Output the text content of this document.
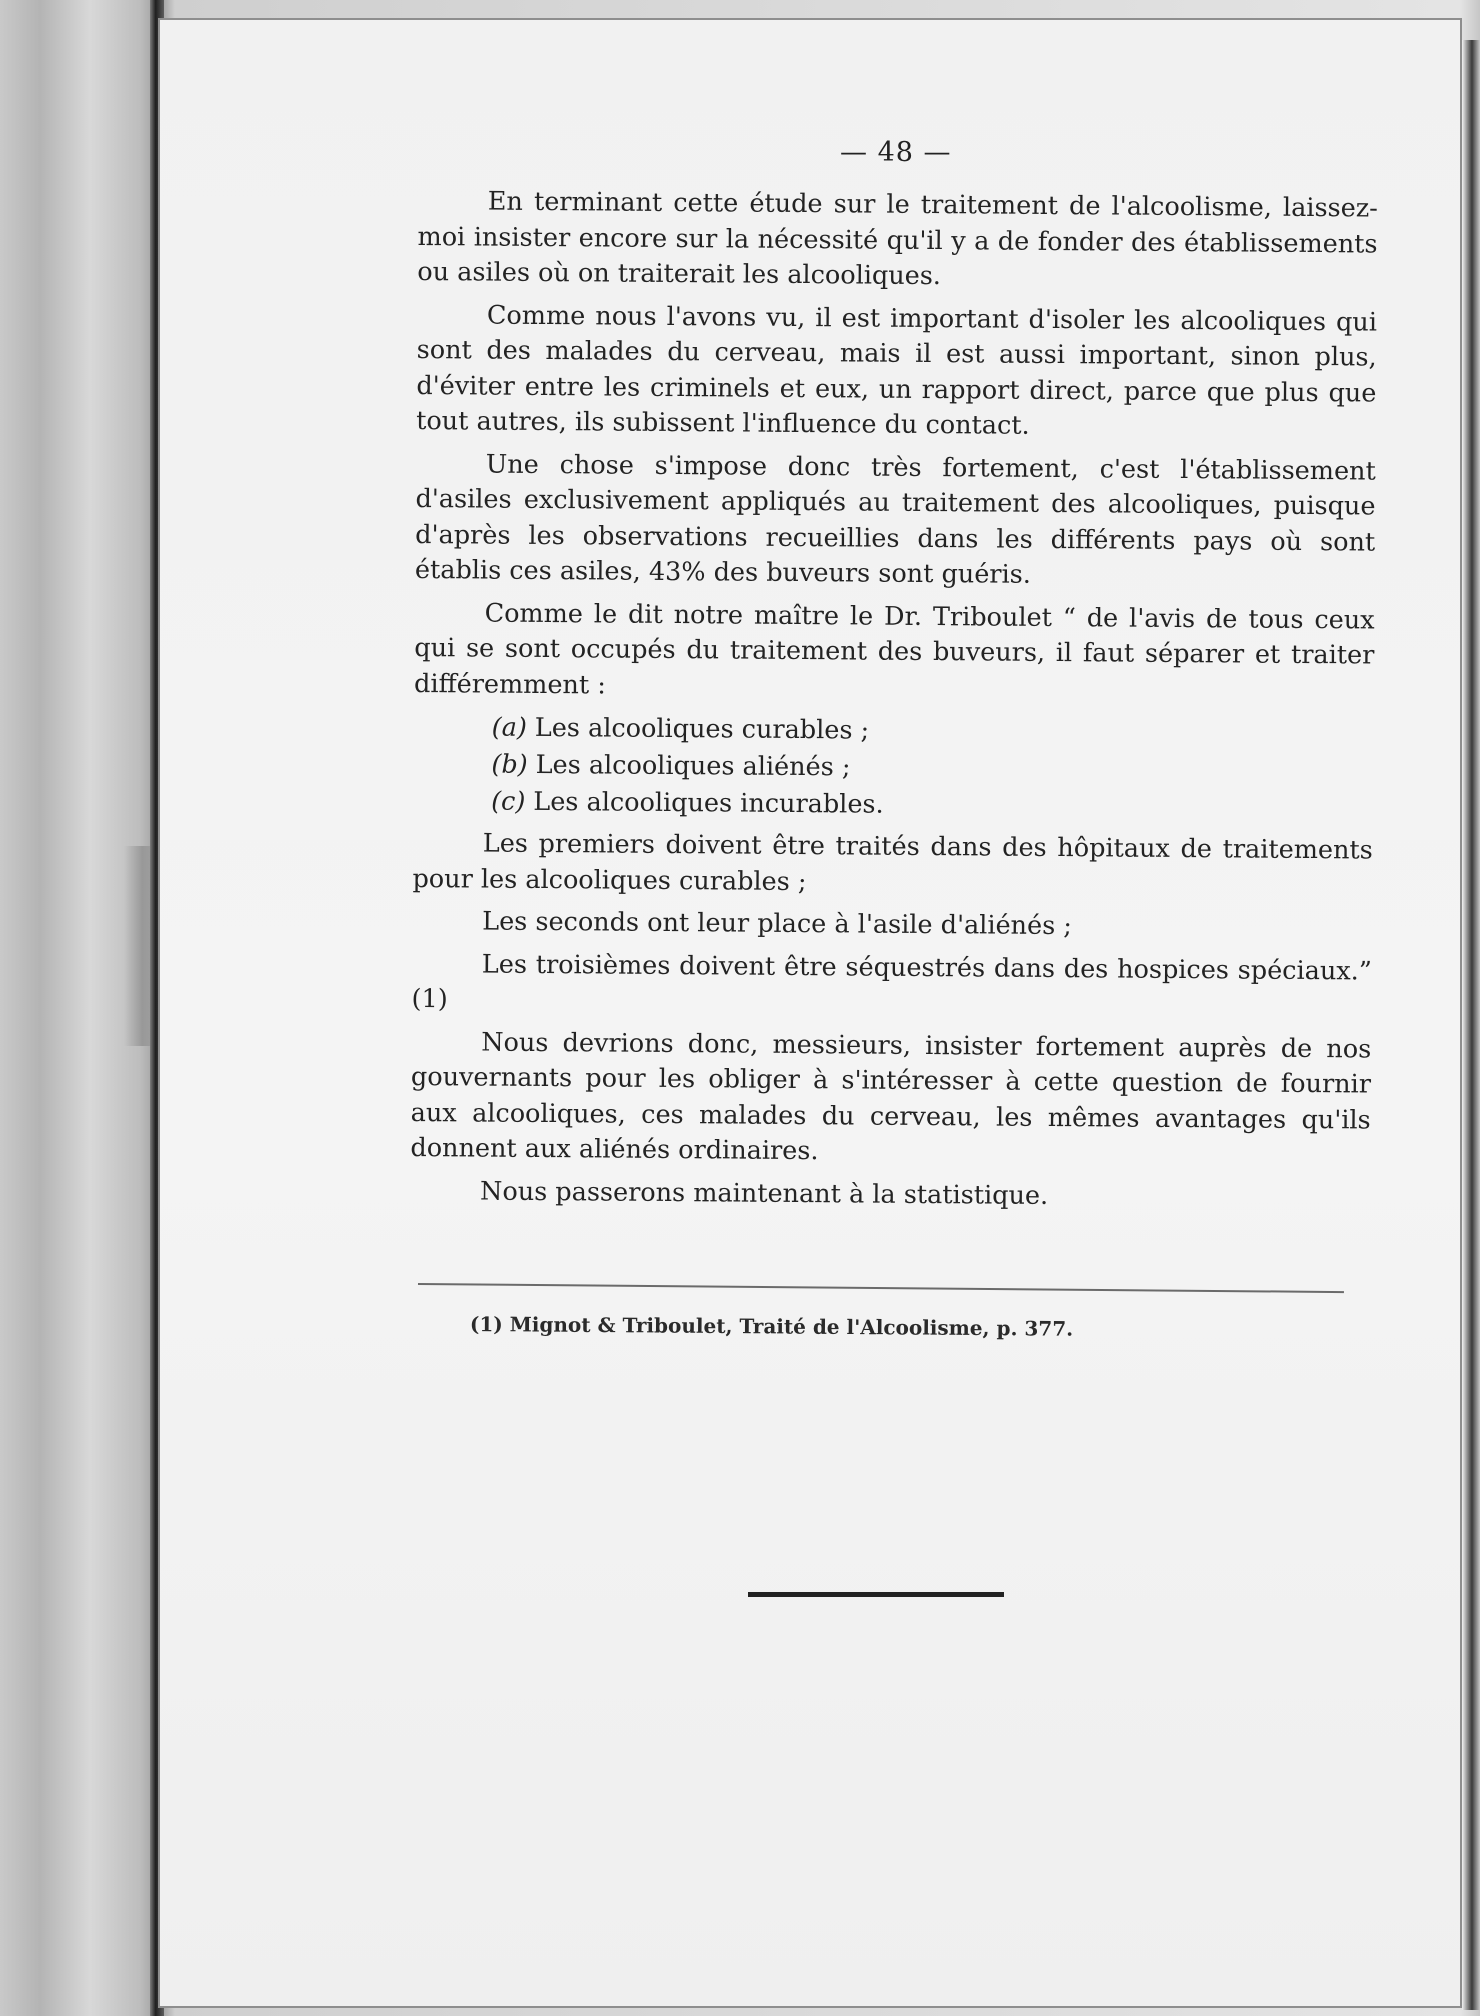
— 48 —

En terminant cette étude sur le traitement de l'alcoolisme, laissez-moi insister encore sur la nécessité qu'il y a de fonder des établissements ou asiles où on traiterait les alcooliques.

Comme nous l'avons vu, il est important d'isoler les alcooliques qui sont des malades du cerveau, mais il est aussi important, sinon plus, d'éviter entre les criminels et eux, un rapport direct, parce que plus que tout autres, ils subissent l'influence du contact.

Une chose s'impose donc très fortement, c'est l'établissement d'asiles exclusivement appliqués au traitement des alcooliques, puisque d'après les observations recueillies dans les différents pays où sont établis ces asiles, 43% des buveurs sont guéris.

Comme le dit notre maître le Dr. Triboulet “ de l'avis de tous ceux qui se sont occupés du traitement des buveurs, il faut séparer et traiter différemment :

(a) Les alcooliques curables ;
(b) Les alcooliques aliénés ;
(c) Les alcooliques incurables.

Les premiers doivent être traités dans des hôpitaux de traitements pour les alcooliques curables ;

Les seconds ont leur place à l'asile d'aliénés ;

Les troisièmes doivent être séquestrés dans des hospices spéciaux.” (1)

Nous devrions donc, messieurs, insister fortement auprès de nos gouvernants pour les obliger à s'intéresser à cette question de fournir aux alcooliques, ces malades du cerveau, les mêmes avantages qu'ils donnent aux aliénés ordinaires.

Nous passerons maintenant à la statistique.

(1) Mignot & Triboulet, Traité de l'Alcoolisme, p. 377.
